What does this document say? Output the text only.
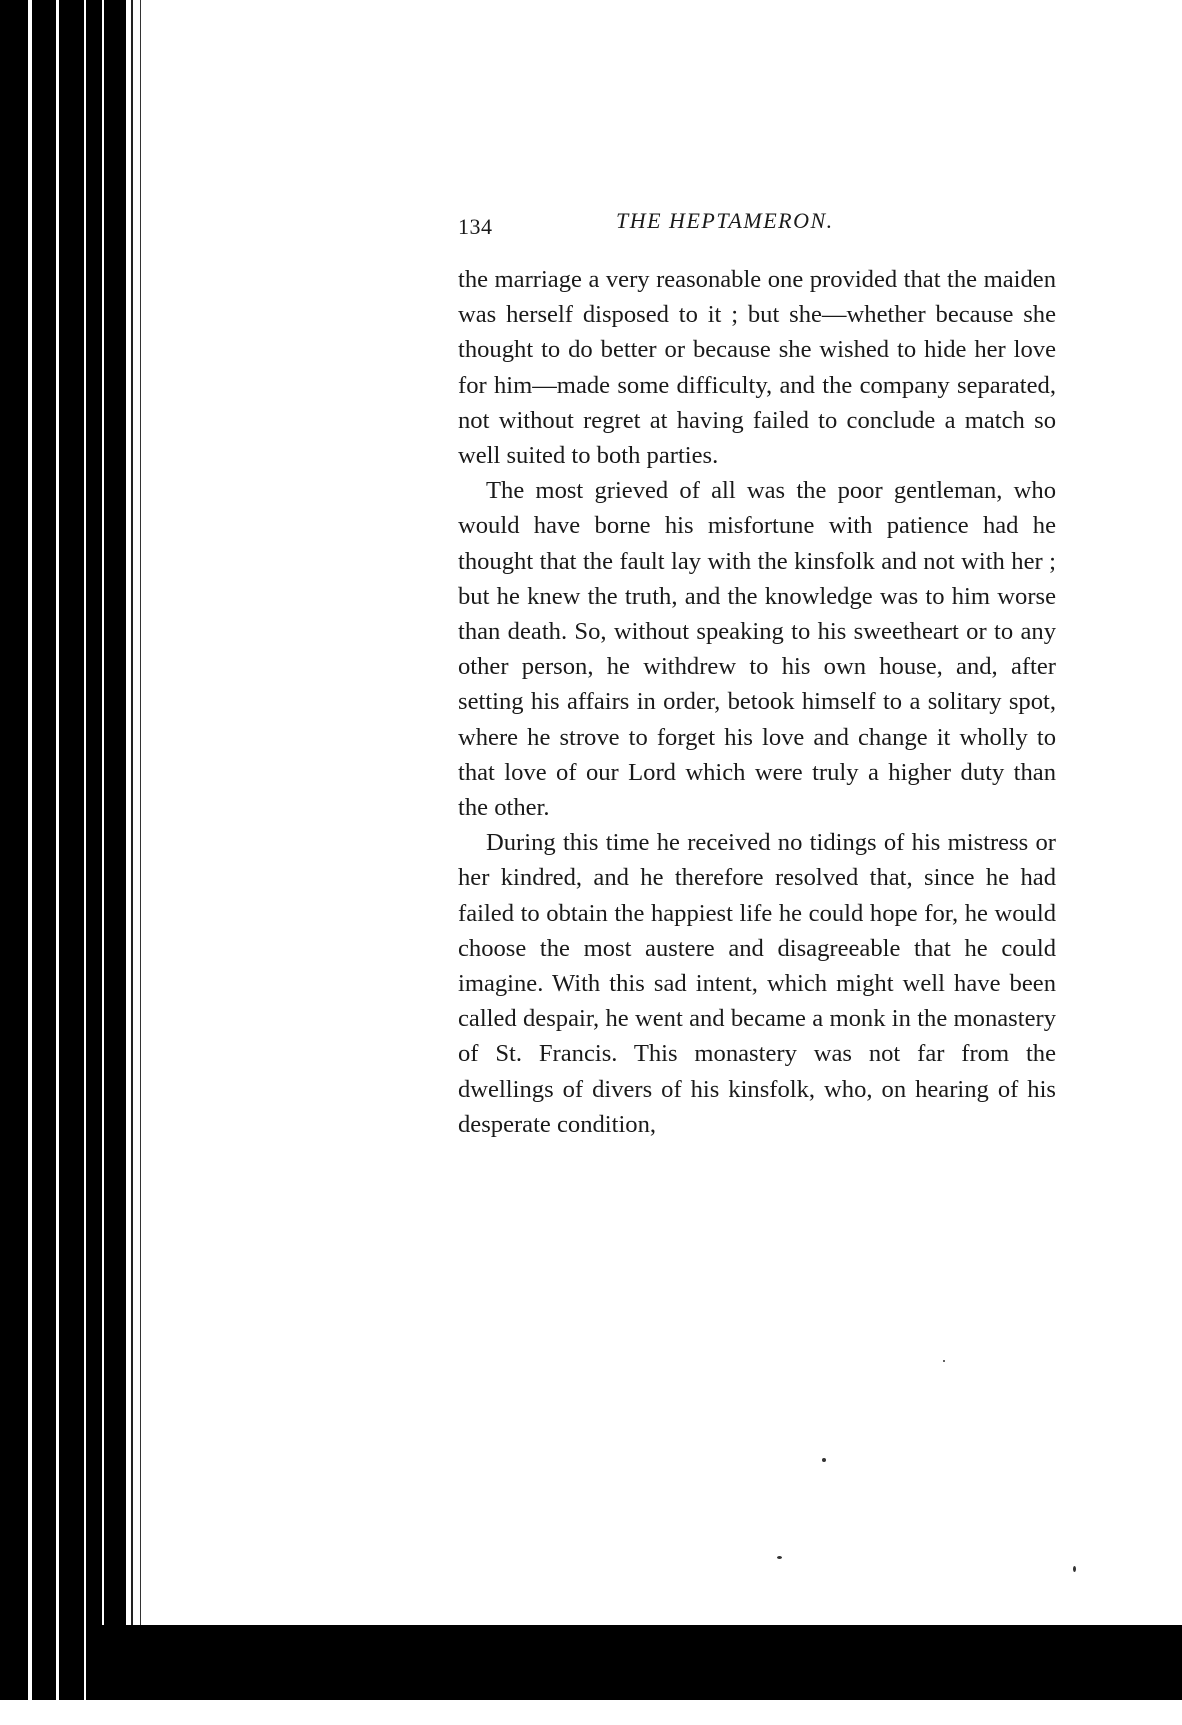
134	THE HEPTAMERON.

the marriage a very reasonable one provided that the maiden was herself disposed to it ; but she—whether because she thought to do better or because she wished to hide her love for him—made some difficulty, and the company separated, not without regret at having failed to conclude a match so well suited to both parties.

The most grieved of all was the poor gentleman, who would have borne his misfortune with patience had he thought that the fault lay with the kinsfolk and not with her ; but he knew the truth, and the knowledge was to him worse than death. So, without speaking to his sweetheart or to any other person, he withdrew to his own house, and, after setting his affairs in order, betook himself to a solitary spot, where he strove to forget his love and change it wholly to that love of our Lord which were truly a higher duty than the other.

During this time he received no tidings of his mistress or her kindred, and he therefore resolved that, since he had failed to obtain the happiest life he could hope for, he would choose the most austere and disagreeable that he could imagine. With this sad intent, which might well have been called despair, he went and became a monk in the monastery of St. Francis. This monastery was not far from the dwellings of divers of his kinsfolk, who, on hearing of his desperate condition,
